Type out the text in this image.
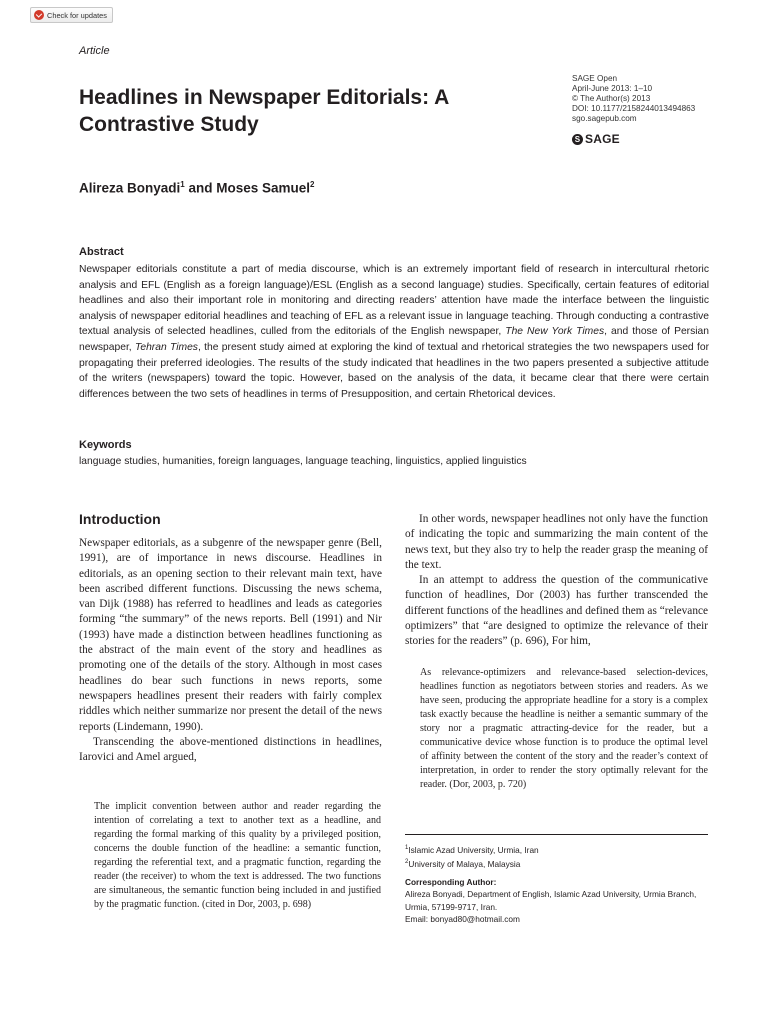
Check for updates
Article
SAGE Open
April-June 2013: 1–10
© The Author(s) 2013
DOI: 10.1177/2158244013494863
sgo.sagepub.com
S SAGE
Headlines in Newspaper Editorials: A Contrastive Study
Alireza Bonyadi$^1$ and Moses Samuel$^2$
Abstract
Newspaper editorials constitute a part of media discourse, which is an extremely important field of research in intercultural rhetoric analysis and EFL (English as a foreign language)/ESL (English as a second language) studies. Specifically, certain features of editorial headlines and also their important role in monitoring and directing readers’ attention have made the interface between the linguistic analysis of newspaper editorial headlines and teaching of EFL as a relevant issue in language teaching. Through conducting a contrastive textual analysis of selected headlines, culled from the editorials of the English newspaper, The New York Times, and those of Persian newspaper, Tehran Times, the present study aimed at exploring the kind of textual and rhetorical strategies the two newspapers used for propagating their preferred ideologies. The results of the study indicated that headlines in the two papers presented a subjective attitude of the writers (newspapers) toward the topic. However, based on the analysis of the data, it became clear that there were certain differences between the two sets of headlines in terms of Presupposition, and certain Rhetorical devices.
Keywords
language studies, humanities, foreign languages, language teaching, linguistics, applied linguistics
Introduction

Newspaper editorials, as a subgenre of the newspaper genre (Bell, 1991), are of importance in news discourse. Headlines in editorials, as an opening section to their relevant main text, have been ascribed different functions. Discussing the news schema, van Dijk (1988) has referred to headlines and leads as categories forming “the summary” of the news reports. Bell (1991) and Nir (1993) have made a distinction between headlines functioning as the abstract of the main event of the story and headlines as promoting one of the details of the story. Although in most cases headlines do bear such functions in news reports, some newspapers headlines present their readers with fairly complex riddles which neither summarize nor present the detail of the news reports (Lindemann, 1990).

Transcending the above-mentioned distinctions in headlines, Iarovici and Amel argued,

The implicit convention between author and reader regarding the intention of correlating a text to another text as a headline, and regarding the formal marking of this quality by a privileged position, concerns the double function of the headline: a semantic function, regarding the referential text, and a pragmatic function, regarding the reader (the receiver) to whom the text is addressed. The two functions are simultaneous, the semantic function being included in and justified by the pragmatic function. (cited in Dor, 2003, p. 698)

In other words, newspaper headlines not only have the function of indicating the topic and summarizing the main content of the news text, but they also try to help the reader grasp the meaning of the text.

In an attempt to address the question of the communicative function of headlines, Dor (2003) has further transcended the different functions of the headlines and defined them as “relevance optimizers” that “are designed to optimize the relevance of their stories for the readers” (p. 696), For him,

As relevance-optimizers and relevance-based selection-devices, headlines function as negotiators between stories and readers. As we have seen, producing the appropriate headline for a story is a complex task exactly because the headline is neither a semantic summary of the story nor a pragmatic attracting-device for the reader, but a communicative device whose function is to produce the optimal level of affinity between the content of the story and the reader’s context of interpretation, in order to render the story optimally relevant for the reader. (Dor, 2003, p. 720)
$^1$Islamic Azad University, Urmia, Iran
$^2$University of Malaya, Malaysia
Corresponding Author:
Alireza Bonyadi, Department of English, Islamic Azad University, Urmia Branch, Urmia, 57199-9717, Iran.
Email: bonyad80@hotmail.com
